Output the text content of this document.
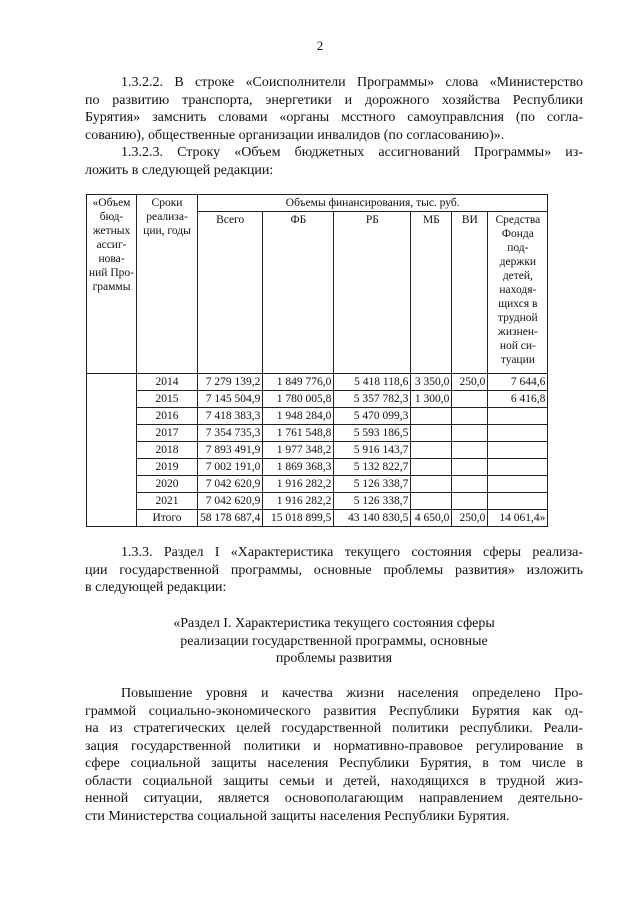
2
1.3.2.2. В строке «Соисполнители Программы» слова «Министерство
по развитию транспорта, энергетики и дорожного хозяйства Республики
Бурятия» замснить словами «органы мсстного самоуправлсния (по согла-
сованию), общественные организации инвалидов (по согласованию)».
1.3.2.3. Строку «Объем бюджетных ассигнований Программы» из-
ложить в следующей редакции:
«Объем бюд- жетных ассиг- нова- ний Про- граммы	Сроки реализа- ции, годы	Объемы финансирования, тыс. руб.					
		Всего	ФБ	РБ	МБ	ВИ	Средства Фонда под- держки детей, находя- щихся в трудной жизнен- ной си- туации
	2014	7 279 139,2	1 849 776,0	5 418 118,6	3 350,0	250,0	7 644,6
	2015	7 145 504,9	1 780 005,8	5 357 782,3	1 300,0		6 416,8
	2016	7 418 383,3	1 948 284,0	5 470 099,3			
	2017	7 354 735,3	1 761 548,8	5 593 186,5			
	2018	7 893 491,9	1 977 348,2	5 916 143,7			
	2019	7 002 191,0	1 869 368,3	5 132 822,7			
	2020	7 042 620,9	1 916 282,2	5 126 338,7			
	2021	7 042 620,9	1 916 282,2	5 126 338,7			
	Итого	58 178 687,4	15 018 899,5	43 140 830,5	4 650,0	250,0	14 061,4»
1.3.3. Раздел I «Характеристика текущего состояния сферы реализа-
ции государственной программы, основные проблемы развития» изложить
в следующей редакции:
«Раздел I. Характеристика текущего состояния сферы
реализации государственной программы, основные
проблемы развития
Повышение уровня и качества жизни населения определено Про-
граммой социально-экономического развития Республики Бурятия как од-
на из стратегических целей государственной политики республики. Реали-
зация государственной политики и нормативно-правовое регулирование в
сфере социальной защиты населения Республики Бурятия, в том числе в
области социальной защиты семьи и детей, находящихся в трудной жиз-
ненной ситуации, является основополагающим направлением деятельно-
сти Министерства социальной защиты населения Республики Бурятия.
